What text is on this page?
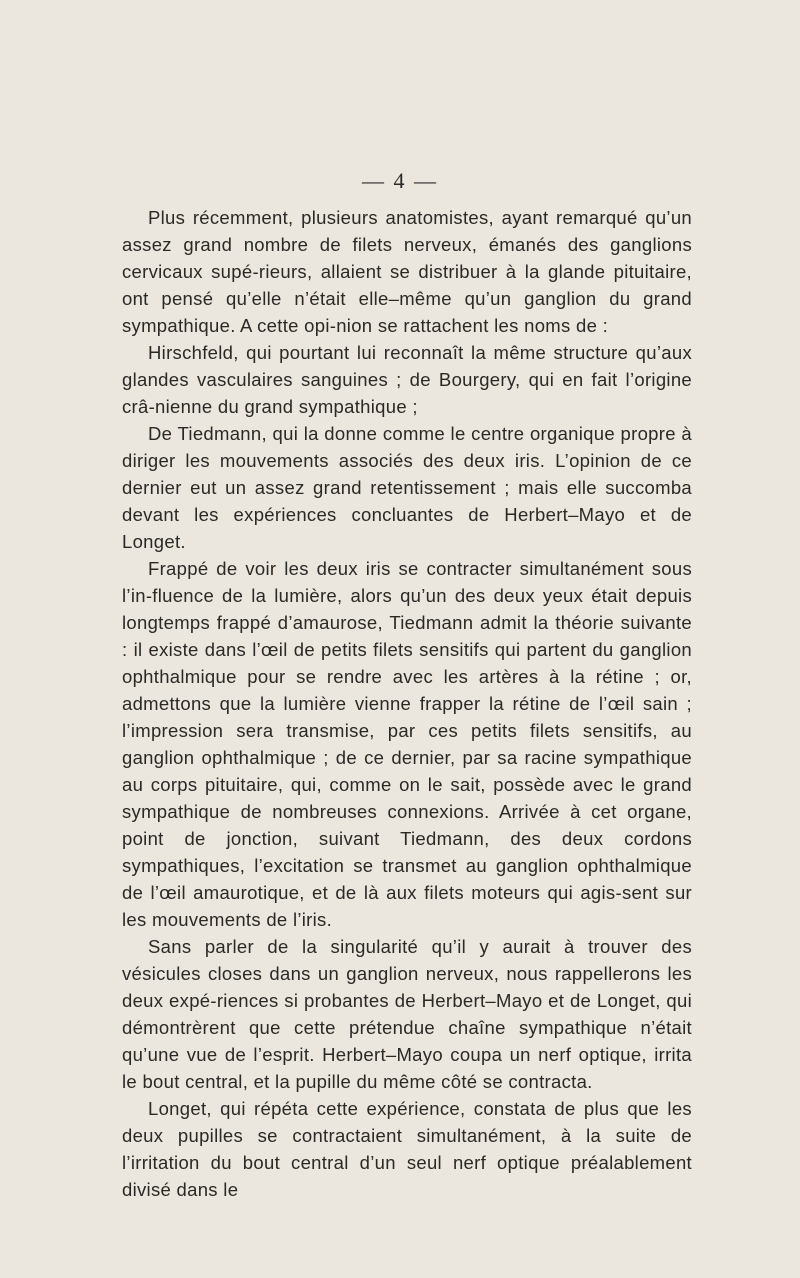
— 4 —

Plus récemment, plusieurs anatomistes, ayant remarqué qu’un assez grand nombre de filets nerveux, émanés des ganglions cervicaux supé-rieurs, allaient se distribuer à la glande pituitaire, ont pensé qu’elle n’était elle–même qu’un ganglion du grand sympathique. A cette opi-nion se rattachent les noms de :

Hirschfeld, qui pourtant lui reconnaît la même structure qu’aux glandes vasculaires sanguines ; de Bourgery, qui en fait l’origine crâ-nienne du grand sympathique ;

De Tiedmann, qui la donne comme le centre organique propre à diriger les mouvements associés des deux iris. L’opinion de ce dernier eut un assez grand retentissement ; mais elle succomba devant les expériences concluantes de Herbert–Mayo et de Longet.

Frappé de voir les deux iris se contracter simultanément sous l’in-fluence de la lumière, alors qu’un des deux yeux était depuis longtemps frappé d’amaurose, Tiedmann admit la théorie suivante : il existe dans l’œil de petits filets sensitifs qui partent du ganglion ophthalmique pour se rendre avec les artères à la rétine ; or, admettons que la lumière vienne frapper la rétine de l’œil sain ; l’impression sera transmise, par ces petits filets sensitifs, au ganglion ophthalmique ; de ce dernier, par sa racine sympathique au corps pituitaire, qui, comme on le sait, possède avec le grand sympathique de nombreuses connexions. Arrivée à cet organe, point de jonction, suivant Tiedmann, des deux cordons sympathiques, l’excitation se transmet au ganglion ophthalmique de l’œil amaurotique, et de là aux filets moteurs qui agis-sent sur les mouvements de l’iris.

Sans parler de la singularité qu’il y aurait à trouver des vésicules closes dans un ganglion nerveux, nous rappellerons les deux expé-riences si probantes de Herbert–Mayo et de Longet, qui démontrèrent que cette prétendue chaîne sympathique n’était qu’une vue de l’esprit. Herbert–Mayo coupa un nerf optique, irrita le bout central, et la pupille du même côté se contracta.

Longet, qui répéta cette expérience, constata de plus que les deux pupilles se contractaient simultanément, à la suite de l’irritation du bout central d’un seul nerf optique préalablement divisé dans le
